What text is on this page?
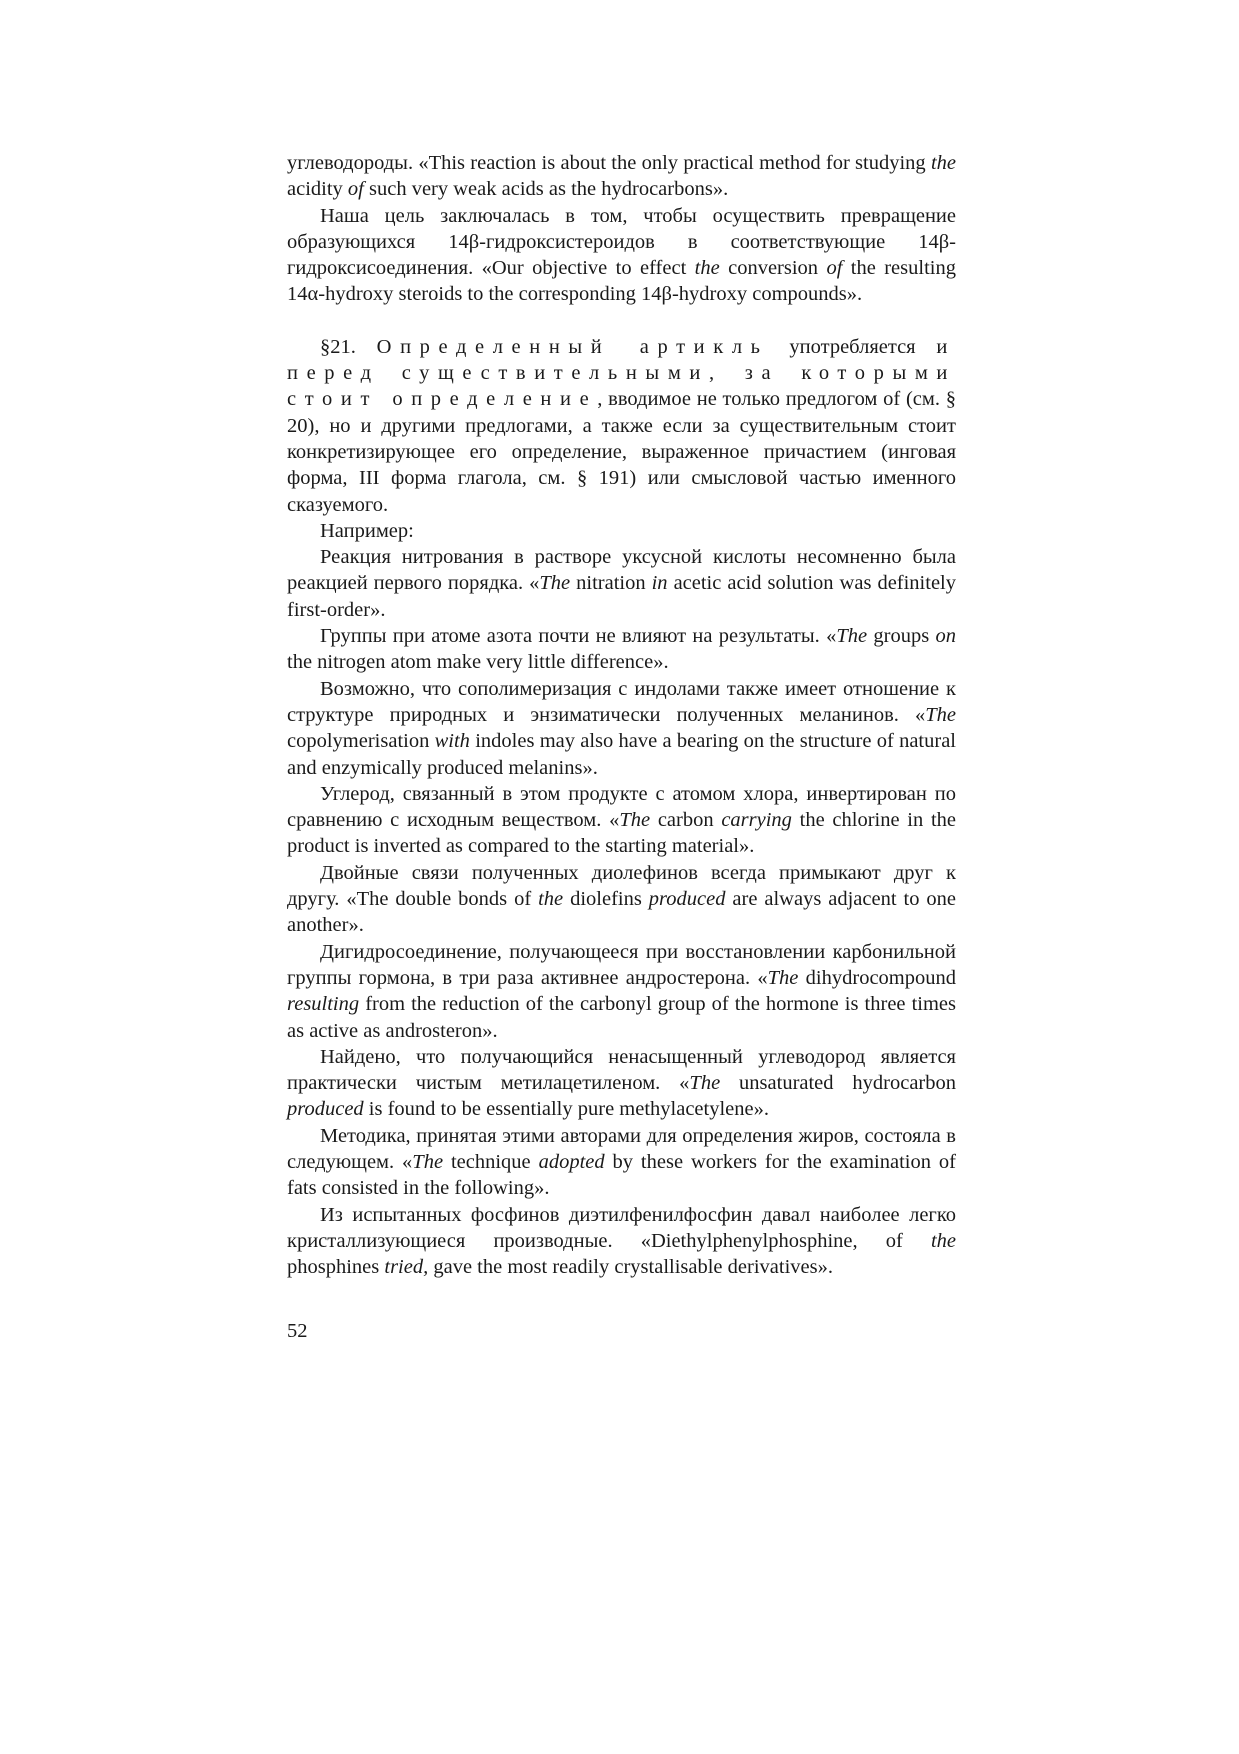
углеводороды. «This reaction is about the only practical method for studying the acidity of such very weak acids as the hydrocarbons».

Наша цель заключалась в том, чтобы осуществить превращение образующихся 14β-гидроксистероидов в соответствующие 14β-гидроксисоединения. «Our objective to effect the conversion of the resulting 14α-hydroxy steroids to the corresponding 14β-hydroxy compounds».

§21. Определенный артикль употребляется и перед существительными, за которыми стоит определение, вводимое не только предлогом of (см. § 20), но и другими предлогами, а также если за существительным стоит конкретизирующее его определение, выраженное причастием (инговая форма, III форма глагола, см. § 191) или смысловой частью именного сказуемого.

Например:

Реакция нитрования в растворе уксусной кислоты несомненно была реакцией первого порядка. «The nitration in acetic acid solution was definitely first-order».

Группы при атоме азота почти не влияют на результаты. «The groups on the nitrogen atom make very little difference».

Возможно, что сополимеризация с индолами также имеет отношение к структуре природных и энзиматически полученных меланинов. «The copolymerisation with indoles may also have a bearing on the structure of natural and enzymically produced melanins».

Углерод, связанный в этом продукте с атомом хлора, инвертирован по сравнению с исходным веществом. «The carbon carrying the chlorine in the product is inverted as compared to the starting material».

Двойные связи полученных диолефинов всегда примыкают друг к другу. «The double bonds of the diolefins produced are always adjacent to one another».

Дигидросоединение, получающееся при восстановлении карбонильной группы гормона, в три раза активнее андростерона. «The dihydrocompound resulting from the reduction of the carbonyl group of the hormone is three times as active as androsteron».

Найдено, что получающийся ненасыщенный углеводород является практически чистым метилацетиленом. «The unsaturated hydrocarbon produced is found to be essentially pure methylacetylene».

Методика, принятая этими авторами для определения жиров, состояла в следующем. «The technique adopted by these workers for the examination of fats consisted in the following».

Из испытанных фосфинов диэтилфенилфосфин давал наиболее легко кристаллизующиеся производные. «Diethylphenylphosphine, of the phosphines tried, gave the most readily crystallisable derivatives».

52
